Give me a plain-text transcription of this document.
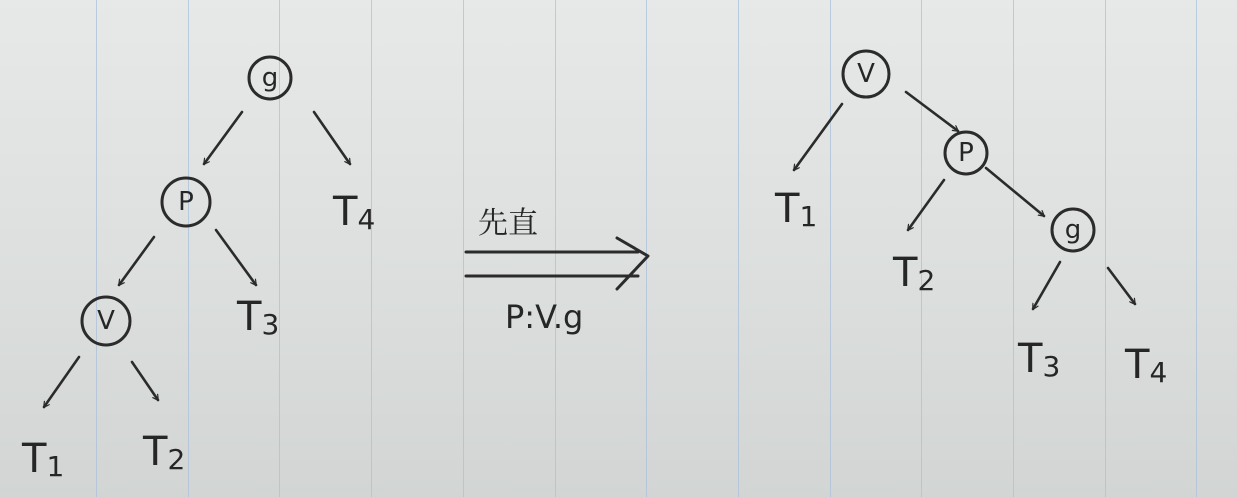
g
P
V
T1 T2
T3
T4	先直
P:V.g
V
P
g
T1
T2
T3 T4
